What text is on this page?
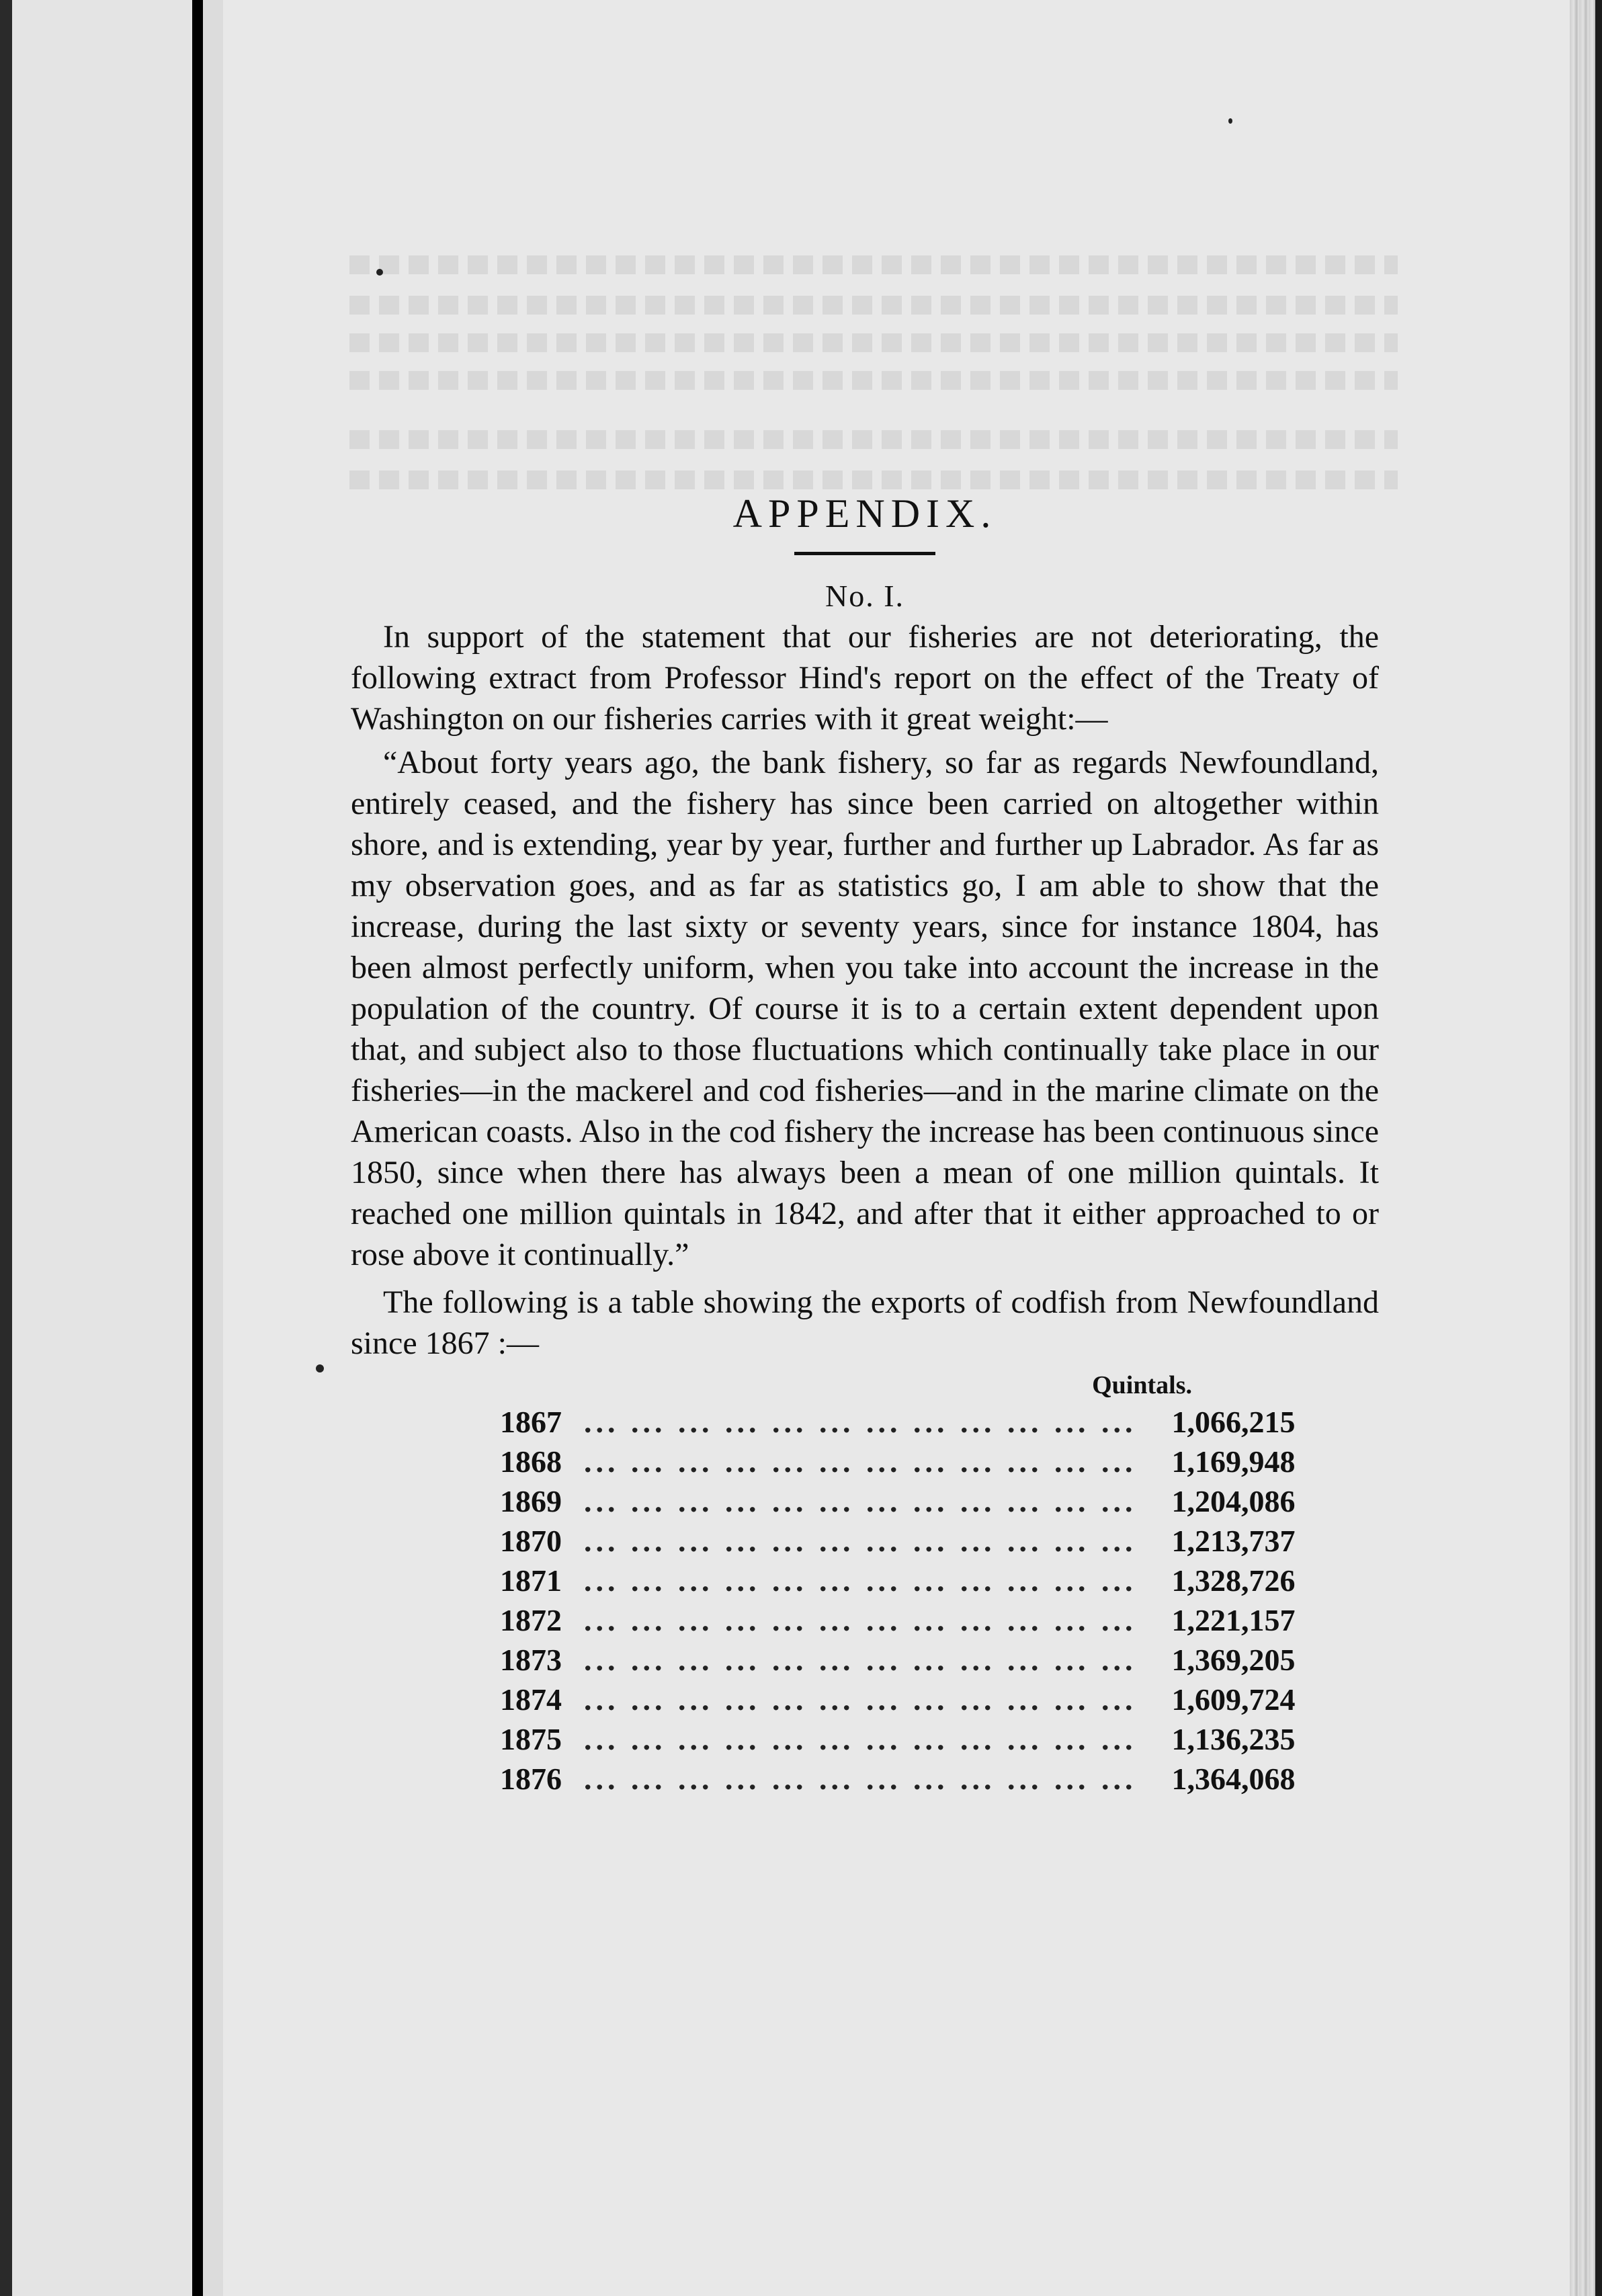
APPENDIX.
No. I.

In support of the statement that our fisheries are not deteriorating, the following extract from Professor Hind's report on the effect of the Treaty of Washington on our fisheries carries with it great weight:—

“About forty years ago, the bank fishery, so far as regards Newfoundland, entirely ceased, and the fishery has since been carried on altogether within shore, and is extending, year by year, further and further up Labrador. As far as my observation goes, and as far as statistics go, I am able to show that the increase, during the last sixty or seventy years, since for instance 1804, has been almost perfectly uniform, when you take into account the increase in the population of the country. Of course it is to a certain extent dependent upon that, and subject also to those fluctuations which continually take place in our fisheries—in the mackerel and cod fisheries—and in the marine climate on the American coasts. Also in the cod fishery the increase has been continuous since 1850, since when there has always been a mean of one million quintals. It reached one million quintals in 1842, and after that it either approached to or rose above it continually.”

The following is a table showing the exports of codfish from Newfoundland since 1867 :—

Quintals.
1867 ... ... ... ... ... ... ... ... ... ... ... ...	1,066,215
1868 ... ... ... ... ... ... ... ... ... ... ... ...	1,169,948
1869 ... ... ... ... ... ... ... ... ... ... ... ...	1,204,086
1870 ... ... ... ... ... ... ... ... ... ... ... ...	1,213,737
1871 ... ... ... ... ... ... ... ... ... ... ... ...	1,328,726
1872 ... ... ... ... ... ... ... ... ... ... ... ...	1,221,157
1873 ... ... ... ... ... ... ... ... ... ... ... ...	1,369,205
1874 ... ... ... ... ... ... ... ... ... ... ... ...	1,609,724
1875 ... ... ... ... ... ... ... ... ... ... ... ...	1,136,235
1876 ... ... ... ... ... ... ... ... ... ... ... ...	1,364,068
